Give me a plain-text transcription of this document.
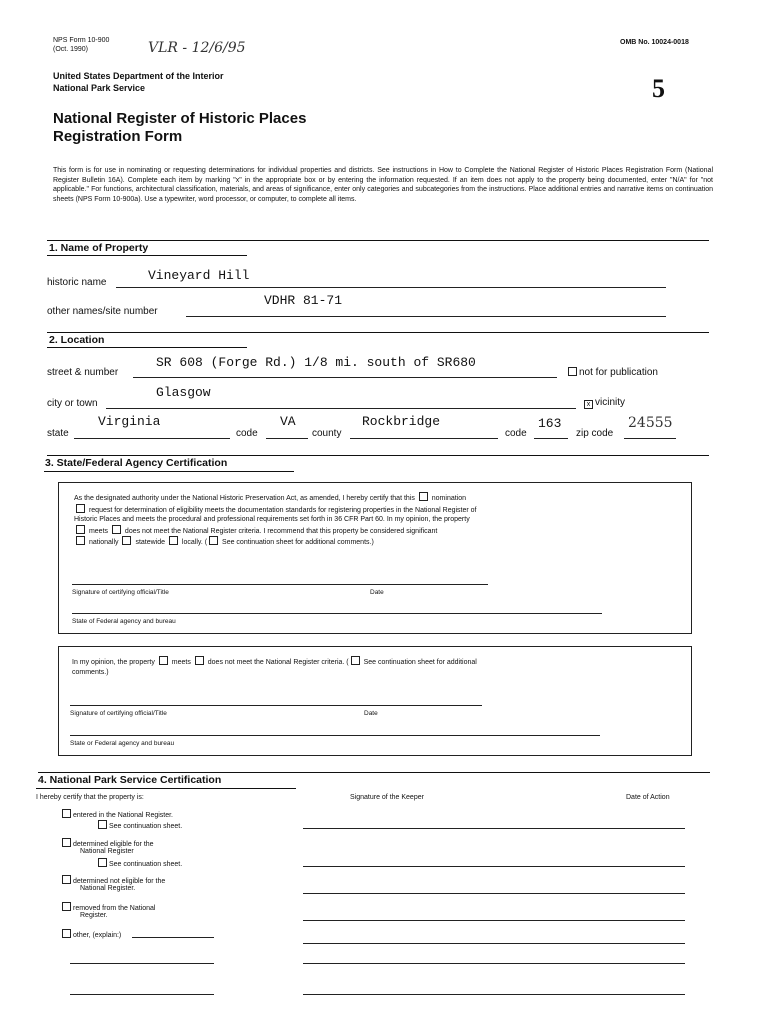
NPS Form 10-900
(Oct. 1990)	VLR - 12/6/95	OMB No. 10024-0018
United States Department of the Interior
National Park Service	5
National Register of Historic Places
Registration Form
This form is for use in nominating or requesting determinations for individual properties and districts. See instructions in How to Complete the National Register of Historic Places Registration Form (National Register Bulletin 16A). Complete each item by marking "x" in the appropriate box or by entering the information requested. If an item does not apply to the property being documented, enter "N/A" for "not applicable." For functions, architectural classification, materials, and areas of significance, enter only categories and subcategories from the instructions. Place additional entries and narrative items on continuation sheets (NPS Form 10-900a). Use a typewriter, word processor, or computer, to complete all items.
1. Name of Property
historic name	Vineyard Hill
other names/site number
VDHR 81-71
2. Location
street & number
SR 608 (Forge Rd.) 1/8 mi. south of SR680
not for publication
city or town
Glasgow
x vicinity
state
Virginia
code
VA
county
Rockbridge
code
163
zip code
24555
3. State/Federal Agency Certification
As the designated authority under the National Historic Preservation Act, as amended, I hereby certify that this nomination
request for determination of eligibility meets the documentation standards for registering properties in the National Register of
Historic Places and meets the procedural and professional requirements set forth in 36 CFR Part 60. In my opinion, the property
meets does not meet the National Register criteria. I recommend that this property be considered significant
nationally statewide locally. ( See continuation sheet for additional comments.)
Signature of certifying official/Title	Date
State of Federal agency and bureau
In my opinion, the property meets does not meet the National Register criteria. ( See continuation sheet for additional
comments.)
Signature of certifying official/Title	Date
State or Federal agency and bureau
4. National Park Service Certification
I hereby certify that the property is:	Signature of the Keeper	Date of Action
entered in the National Register.
See continuation sheet.
determined eligible for the
National Register
See continuation sheet.
determined not eligible for the
National Register.
removed from the National
Register.
other, (explain:)
